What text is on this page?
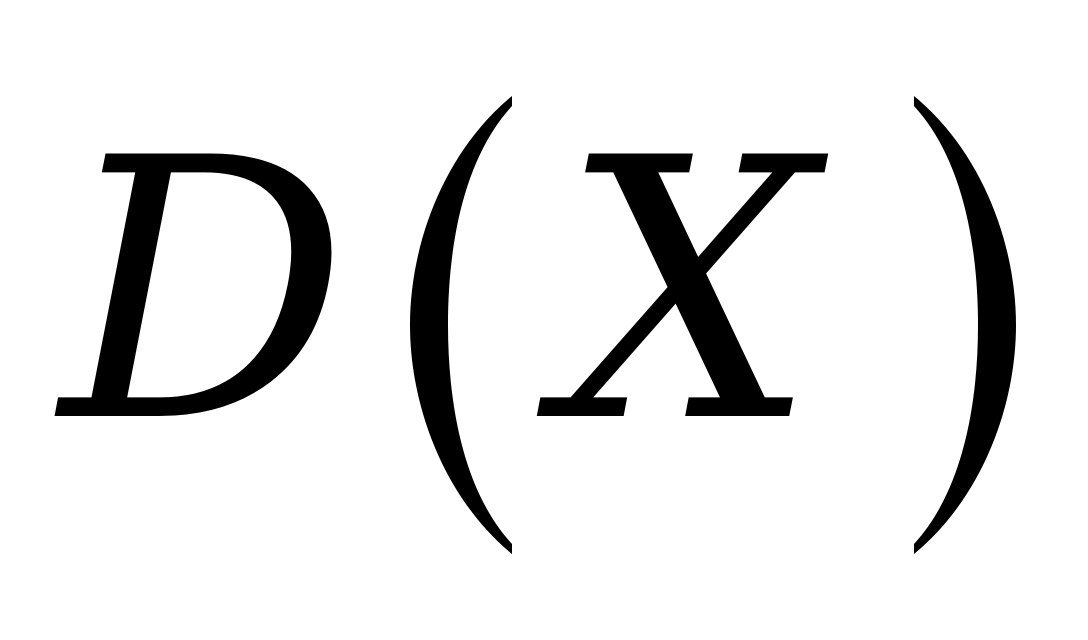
D X
